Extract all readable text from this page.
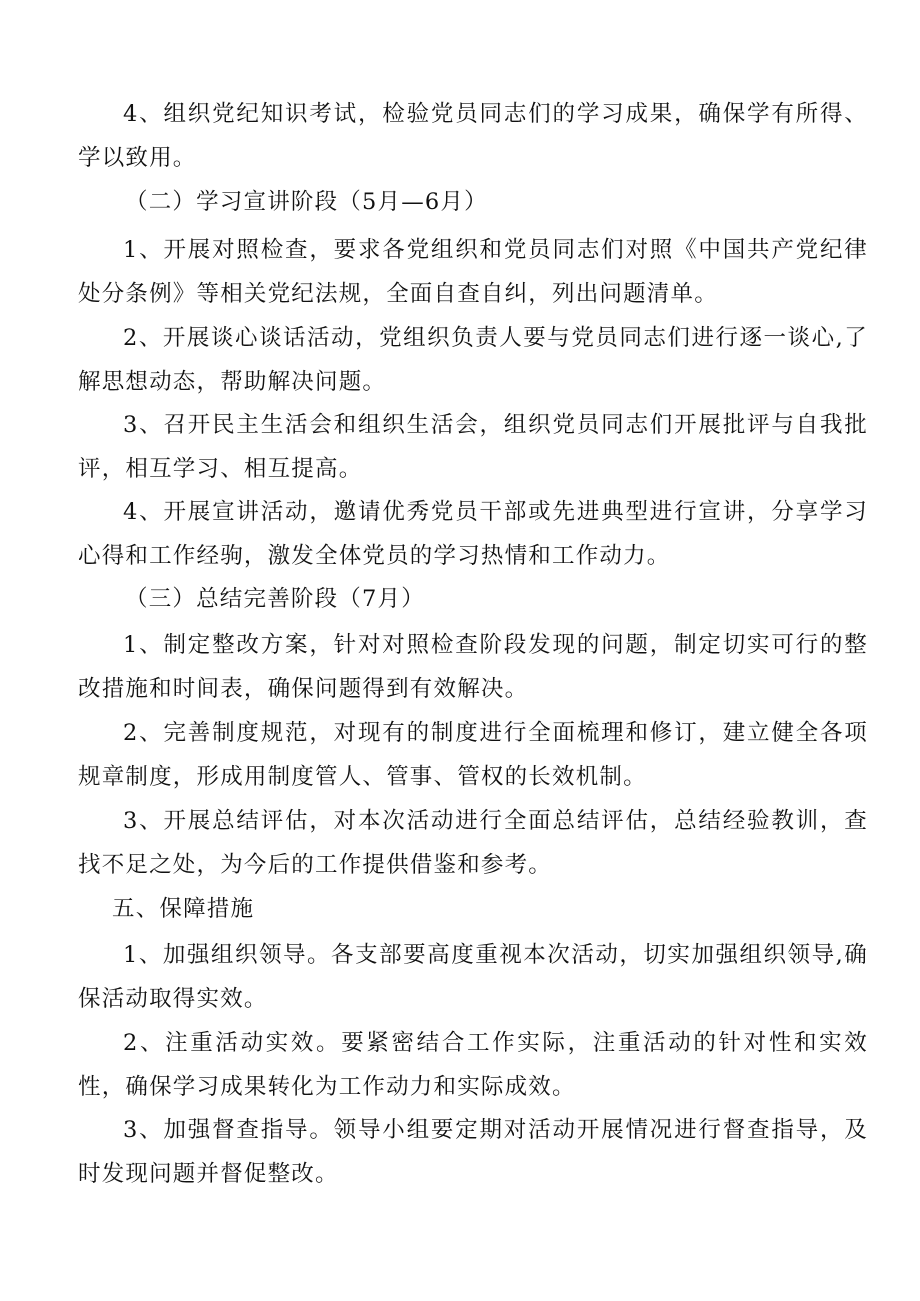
4、组织党纪知识考试，检验党员同志们的学习成果，确保学有所得、学以致用。

（二）学习宣讲阶段（5月—6月）

1、开展对照检查，要求各党组织和党员同志们对照《中国共产党纪律处分条例》等相关党纪法规，全面自查自纠，列出问题清单。

2、开展谈心谈话活动，党组织负责人要与党员同志们进行逐一谈心,了解思想动态，帮助解决问题。

3、召开民主生活会和组织生活会，组织党员同志们开展批评与自我批评，相互学习、相互提高。

4、开展宣讲活动，邀请优秀党员干部或先进典型进行宣讲，分享学习心得和工作经驹，激发全体党员的学习热情和工作动力。

（三）总结完善阶段（7月）

1、制定整改方案，针对对照检查阶段发现的问题，制定切实可行的整改措施和时间表，确保问题得到有效解决。

2、完善制度规范，对现有的制度进行全面梳理和修订，建立健全各项规章制度，形成用制度管人、管事、管权的长效机制。

3、开展总结评估，对本次活动进行全面总结评估，总结经验教训，查找不足之处，为今后的工作提供借鉴和参考。

五、保障措施

1、加强组织领导。各支部要高度重视本次活动，切实加强组织领导,确保活动取得实效。

2、注重活动实效。要紧密结合工作实际，注重活动的针对性和实效性，确保学习成果转化为工作动力和实际成效。

3、加强督查指导。领导小组要定期对活动开展情况进行督查指导，及时发现问题并督促整改。
